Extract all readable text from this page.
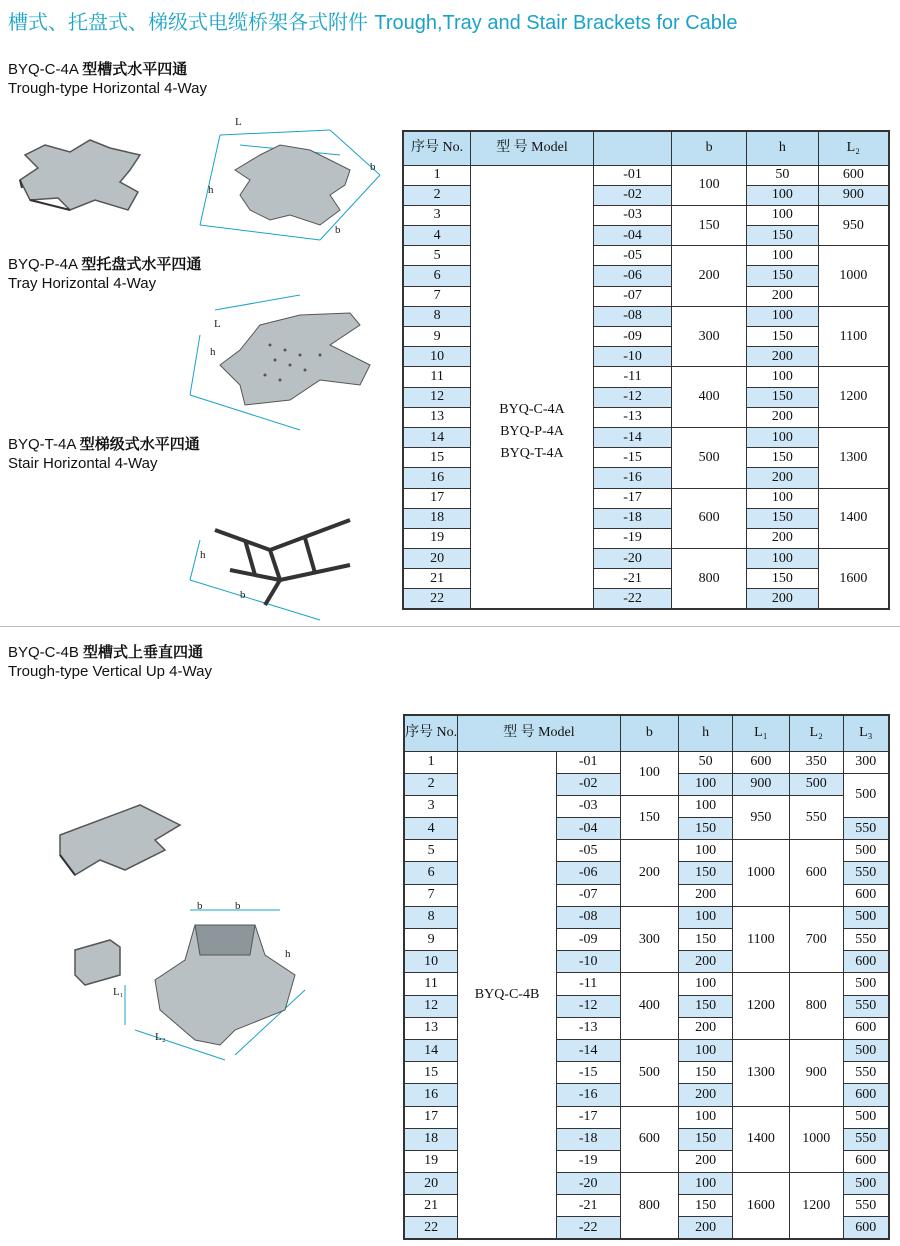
槽式、托盘式、梯级式电缆桥架各式附件 Trough,Tray and Stair Brackets for Cable
BYQ-C-4A 型槽式水平四通
Trough-type Horizontal 4-Way
L
b
h
b
BYQ-P-4A 型托盘式水平四通
Tray Horizontal 4-Way
L
h
BYQ-T-4A 型梯级式水平四通
Stair Horizontal 4-Way
h
b
序号 No.	型 号 Model		b	h	L₂
1	BYQ-C-4A
BYQ-P-4A
BYQ-T-4A	-01	100	50	600
2		-02		100	900
3		-03	150	100	950
4		-04		150	
5		-05	200	100	1000
6		-06		150	
7		-07		200	
8		-08	300	100	1100
9		-09		150	
10		-10		200	
11		-11	400	100	1200
12		-12		150	
13		-13		200	
14		-14	500	100	1300
15		-15		150	
16		-16		200	
17		-17	600	100	1400
18		-18		150	
19		-19		200	
20		-20	800	100	1600
21		-21		150	
22		-22		200	
BYQ-C-4B 型槽式上垂直四通
Trough-type Vertical Up 4-Way
b	b
h
L₁
L₂
序号 No.	型 号 Model		b	h	L₁	L₂	L₃
1	BYQ-C-4B	-01	100	50	600	350	300
2		-02		100	900	500	500
3		-03	150	100	950	550	
4		-04		150			550
5		-05	200	100	1000	600	500
6		-06		150			550
7		-07		200			600
8		-08	300	100	1100	700	500
9		-09		150			550
10		-10		200			600
11		-11	400	100	1200	800	500
12		-12		150			550
13		-13		200			600
14		-14	500	100	1300	900	500
15		-15		150			550
16		-16		200			600
17		-17	600	100	1400	1000	500
18		-18		150			550
19		-19		200			600
20		-20	800	100	1600	1200	500
21		-21		150			550
22		-22		200			600
